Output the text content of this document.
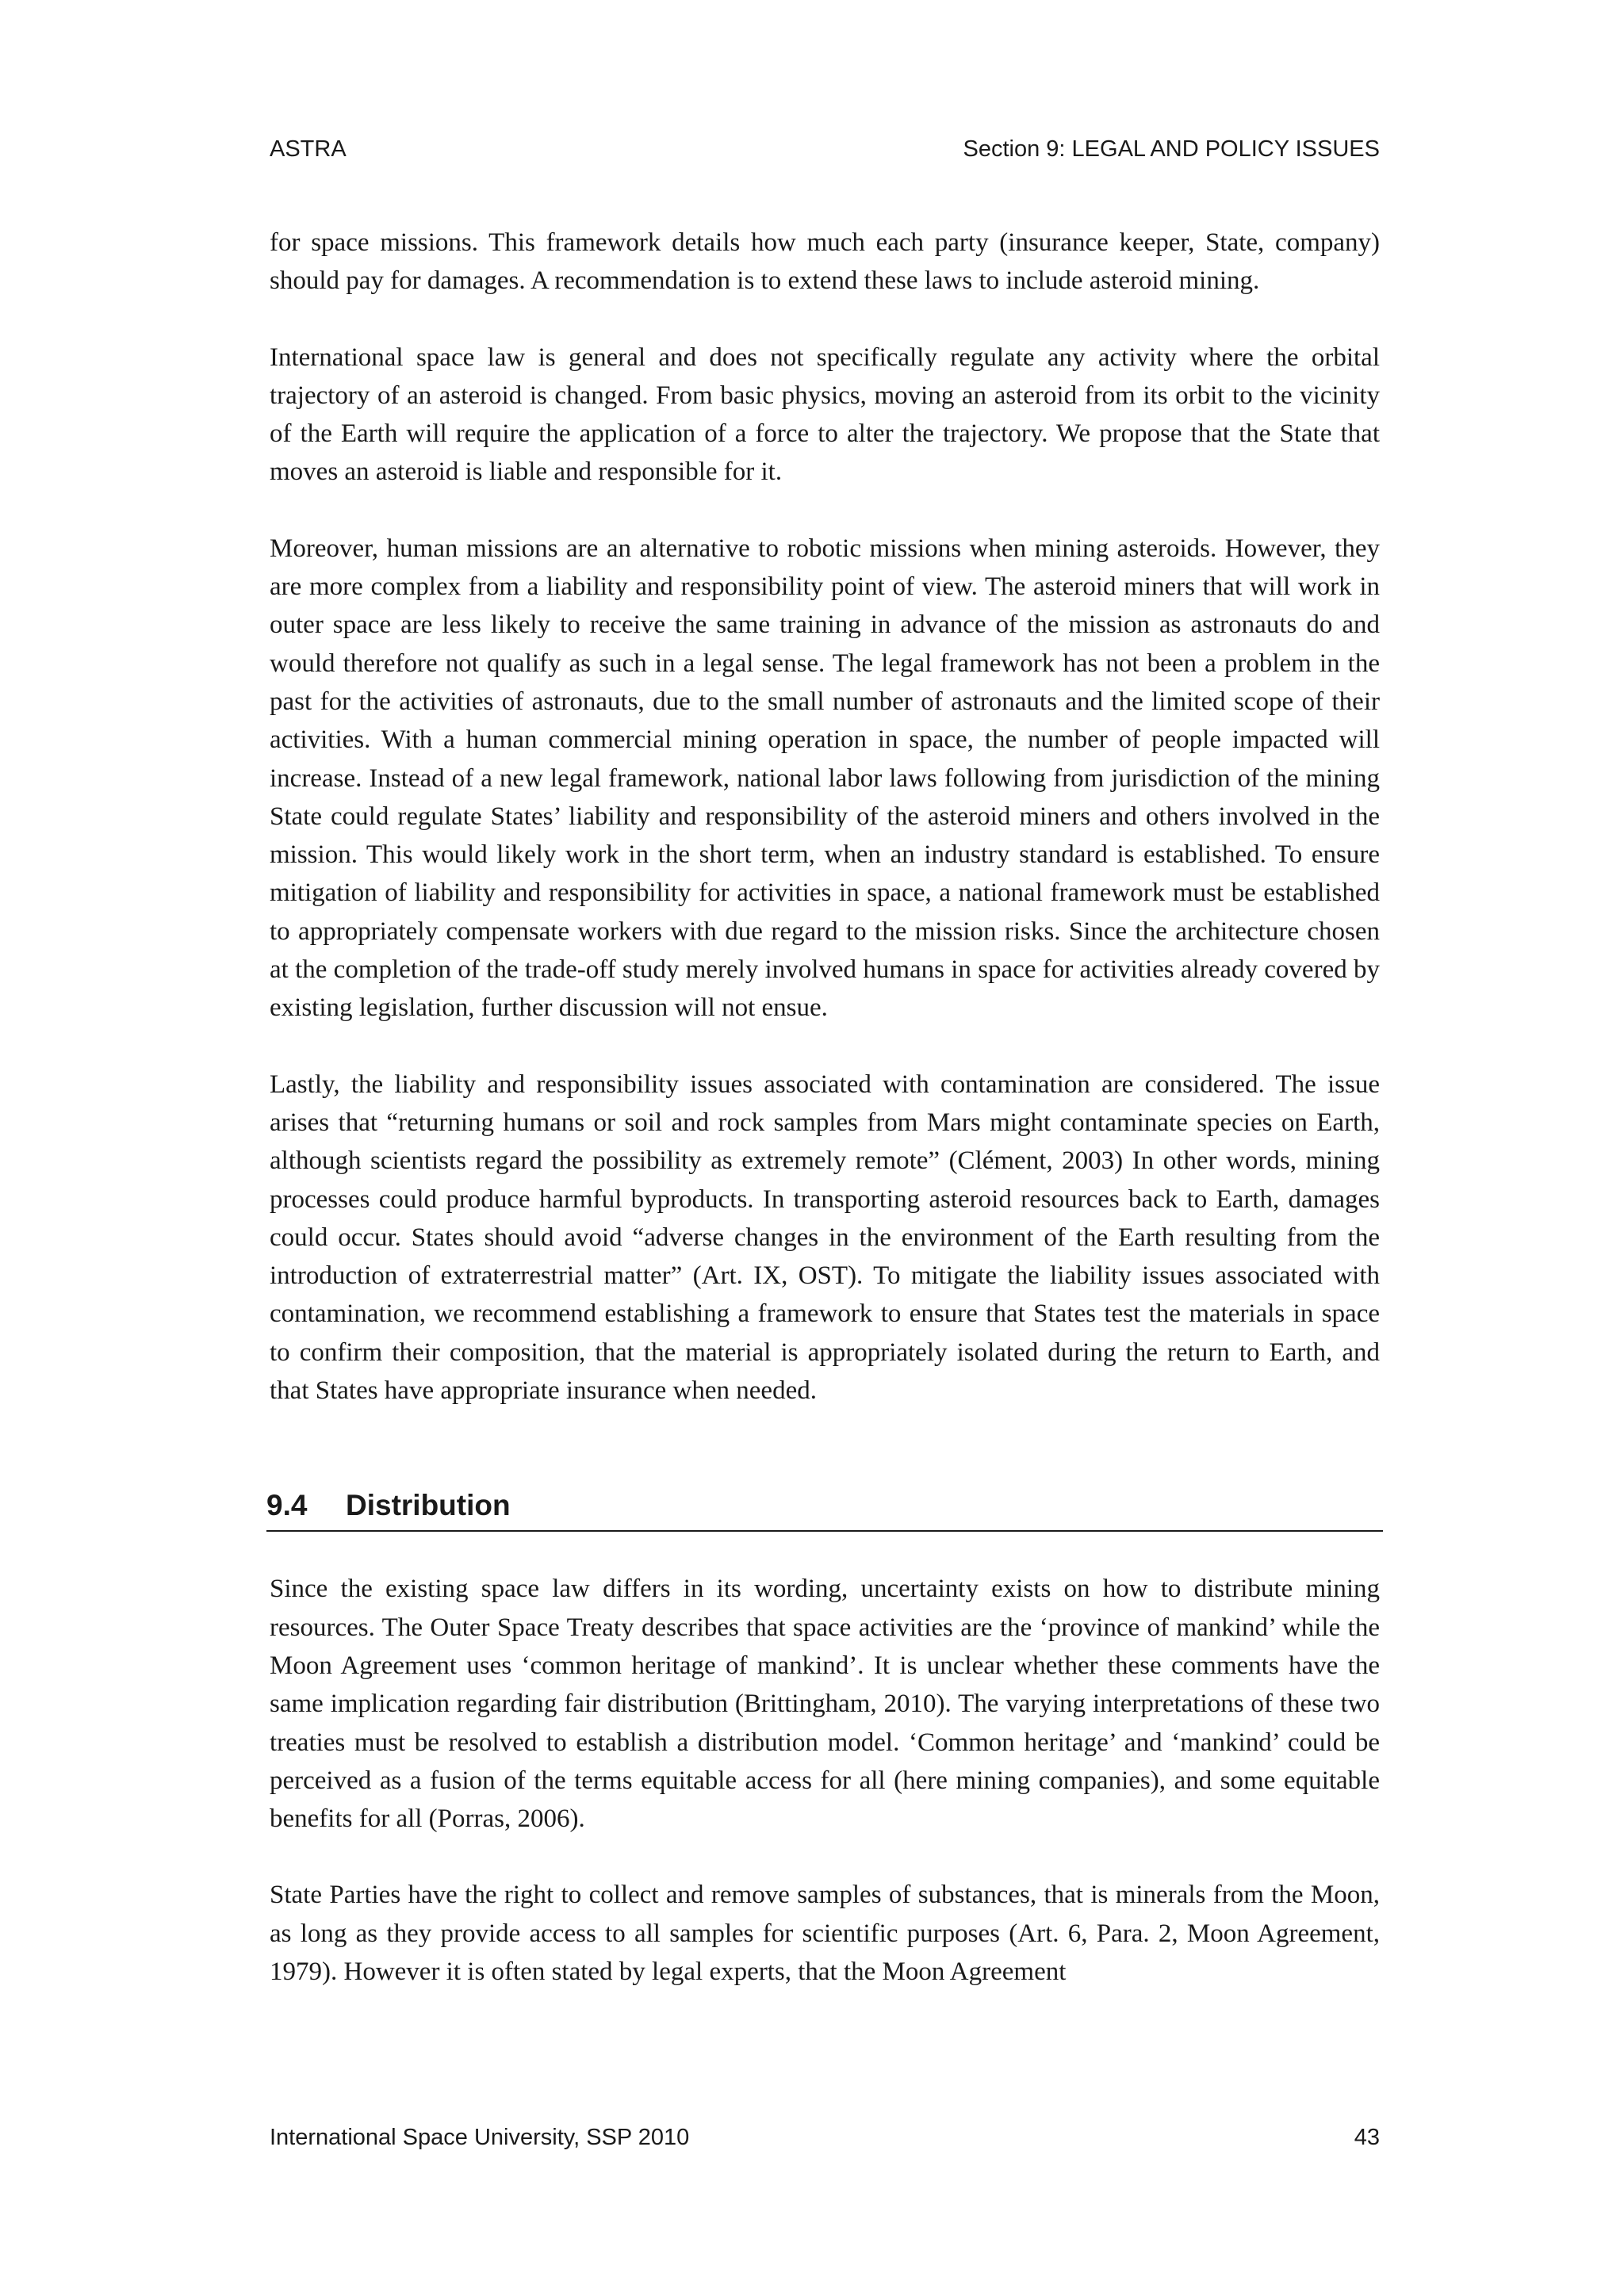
ASTRA	Section 9: LEGAL AND POLICY ISSUES

for space missions. This framework details how much each party (insurance keeper, State, company) should pay for damages. A recommendation is to extend these laws to include asteroid mining.

International space law is general and does not specifically regulate any activity where the orbital trajectory of an asteroid is changed. From basic physics, moving an asteroid from its orbit to the vicinity of the Earth will require the application of a force to alter the trajectory. We propose that the State that moves an asteroid is liable and responsible for it.

Moreover, human missions are an alternative to robotic missions when mining asteroids. However, they are more complex from a liability and responsibility point of view. The asteroid miners that will work in outer space are less likely to receive the same training in advance of the mission as astronauts do and would therefore not qualify as such in a legal sense. The legal framework has not been a problem in the past for the activities of astronauts, due to the small number of astronauts and the limited scope of their activities. With a human commercial mining operation in space, the number of people impacted will increase. Instead of a new legal framework, national labor laws following from jurisdiction of the mining State could regulate States’ liability and responsibility of the asteroid miners and others involved in the mission. This would likely work in the short term, when an industry standard is established. To ensure mitigation of liability and responsibility for activities in space, a national framework must be established to appropriately compensate workers with due regard to the mission risks. Since the architecture chosen at the completion of the trade-off study merely involved humans in space for activities already covered by existing legislation, further discussion will not ensue.

Lastly, the liability and responsibility issues associated with contamination are considered. The issue arises that “returning humans or soil and rock samples from Mars might contaminate species on Earth, although scientists regard the possibility as extremely remote” (Clément, 2003) In other words, mining processes could produce harmful byproducts. In transporting asteroid resources back to Earth, damages could occur. States should avoid “adverse changes in the environment of the Earth resulting from the introduction of extraterrestrial matter” (Art. IX, OST). To mitigate the liability issues associated with contamination, we recommend establishing a framework to ensure that States test the materials in space to confirm their composition, that the material is appropriately isolated during the return to Earth, and that States have appropriate insurance when needed.

9.4 Distribution

Since the existing space law differs in its wording, uncertainty exists on how to distribute mining resources. The Outer Space Treaty describes that space activities are the ‘province of mankind’ while the Moon Agreement uses ‘common heritage of mankind’. It is unclear whether these comments have the same implication regarding fair distribution (Brittingham, 2010). The varying interpretations of these two treaties must be resolved to establish a distribution model. ‘Common heritage’ and ‘mankind’ could be perceived as a fusion of the terms equitable access for all (here mining companies), and some equitable benefits for all (Porras, 2006).

State Parties have the right to collect and remove samples of substances, that is minerals from the Moon, as long as they provide access to all samples for scientific purposes (Art. 6, Para. 2, Moon Agreement, 1979). However it is often stated by legal experts, that the Moon Agreement

International Space University, SSP 2010	43
